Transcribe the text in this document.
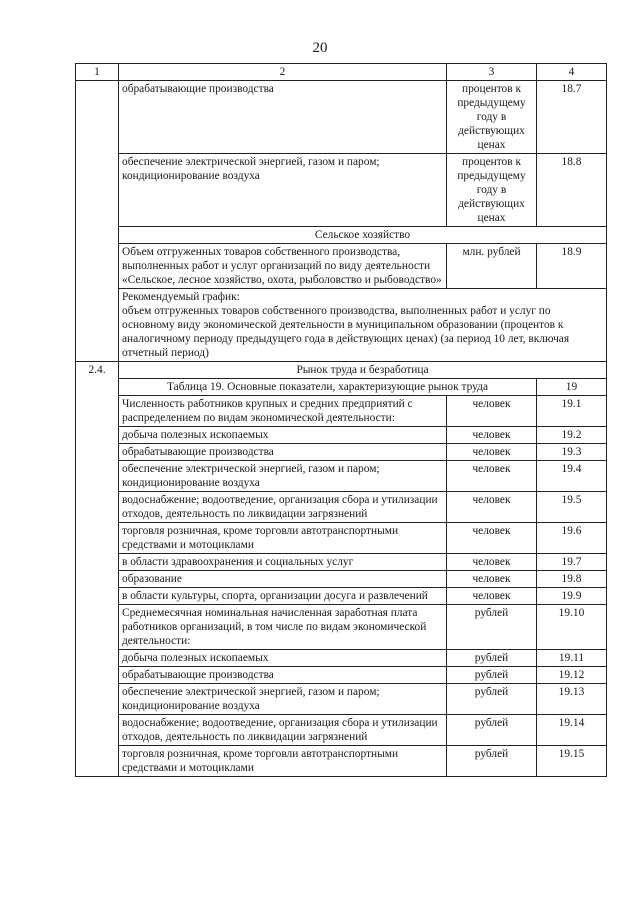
20
1	2	3	4
	обрабатывающие производства	процентов к предыдущему году в действующих ценах	18.7
	обеспечение электрической энергией, газом и паром; кондиционирование воздуха	процентов к предыдущему году в действующих ценах	18.8
	Сельское хозяйство		
	Объем отгруженных товаров собственного производства, выполненных работ и услуг организаций по виду деятельности «Сельское, лесное хозяйство, охота, рыболовство и рыбоводство»	млн. рублей	18.9

	Рекомендуемый график:
объем отгруженных товаров собственного производства, выполненных работ и услуг по основному виду экономической деятельности в муниципальном образовании (процентов к аналогичному периоду предыдущего года в действующих ценах) (за период 10 лет, включая отчетный период)		

2.4.	Рынок труда и безработица		
	Таблица 19. Основные показатели, характеризующие рынок труда		19
	Численность работников крупных и средних предприятий с распределением по видам экономической деятельности:	человек	19.1
	добыча полезных ископаемых	человек	19.2
	обрабатывающие производства	человек	19.3
	обеспечение электрической энергией, газом и паром; кондиционирование воздуха	человек	19.4
	водоснабжение; водоотведение, организация сбора и утилизации отходов, деятельность по ликвидации загрязнений	человек	19.5
	торговля розничная, кроме торговли автотранспортными средствами и мотоциклами	человек	19.6
	в области здравоохранения и социальных услуг	человек	19.7
	образование	человек	19.8
	в области культуры, спорта, организации досуга и развлечений	человек	19.9
	Среднемесячная номинальная начисленная заработная плата работников организаций, в том числе по видам экономической деятельности:	рублей	19.10
	добыча полезных ископаемых	рублей	19.11
	обрабатывающие производства	рублей	19.12
	обеспечение электрической энергией, газом и паром; кондиционирование воздуха	рублей	19.13
	водоснабжение; водоотведение, организация сбора и утилизации отходов, деятельность по ликвидации загрязнений	рублей	19.14
	торговля розничная, кроме торговли автотранспортными средствами и мотоциклами	рублей	19.15
